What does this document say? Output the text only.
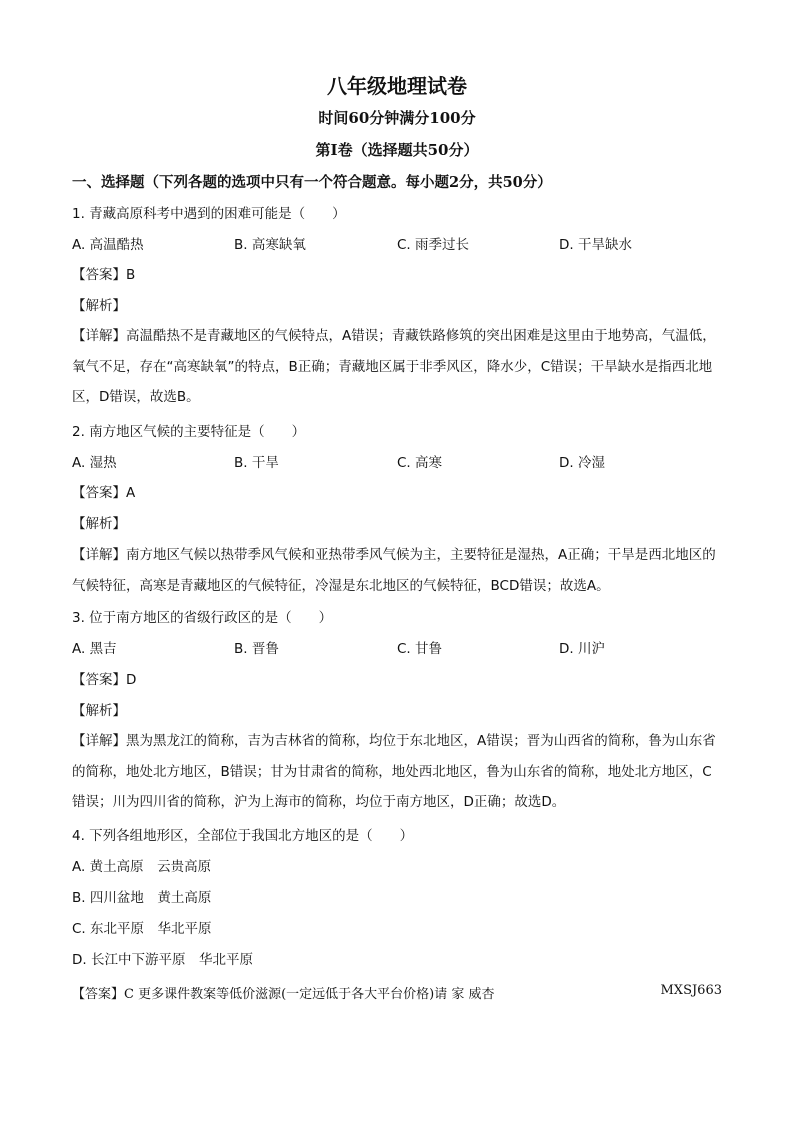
八年级地理试卷
时间60分钟满分100分
第Ⅰ卷（选择题共50分）
一、选择题（下列各题的选项中只有一个符合题意。每小题2分，共50分）
1. 青藏高原科考中遇到的困难可能是（　　）
A. 高温酷热	B. 高寒缺氧	C. 雨季过长	D. 干旱缺水
【答案】B
【解析】
【详解】高温酷热不是青藏地区的气候特点，A错误；青藏铁路修筑的突出困难是这里由于地势高，气温低，氧气不足，存在“高寒缺氧”的特点，B正确；青藏地区属于非季风区，降水少，C错误；干旱缺水是指西北地区，D错误，故选B。
2. 南方地区气候的主要特征是（　　）
A. 湿热	B. 干旱	C. 高寒	D. 冷湿
【答案】A
【解析】
【详解】南方地区气候以热带季风气候和亚热带季风气候为主，主要特征是湿热，A正确；干旱是西北地区的气候特征，高寒是青藏地区的气候特征，冷湿是东北地区的气候特征，BCD错误；故选A。
3. 位于南方地区的省级行政区的是（　　）
A. 黑吉	B. 晋鲁	C. 甘鲁	D. 川沪
【答案】D
【解析】
【详解】黑为黑龙江的简称，吉为吉林省的简称，均位于东北地区，A错误；晋为山西省的简称，鲁为山东省的简称，地处北方地区，B错误；甘为甘肃省的简称，地处西北地区，鲁为山东省的简称，地处北方地区，C错误；川为四川省的简称，沪为上海市的简称，均位于南方地区，D正确；故选D。
4. 下列各组地形区，全部位于我国北方地区的是（　　）
A. 黄土高原　云贵高原
B. 四川盆地　黄土高原
C. 东北平原　华北平原
D. 长江中下游平原　华北平原
【答案】C 更多课件教案等低价滋源(一定远低于各大平台价格)请 家 威杏	MXSJ663
